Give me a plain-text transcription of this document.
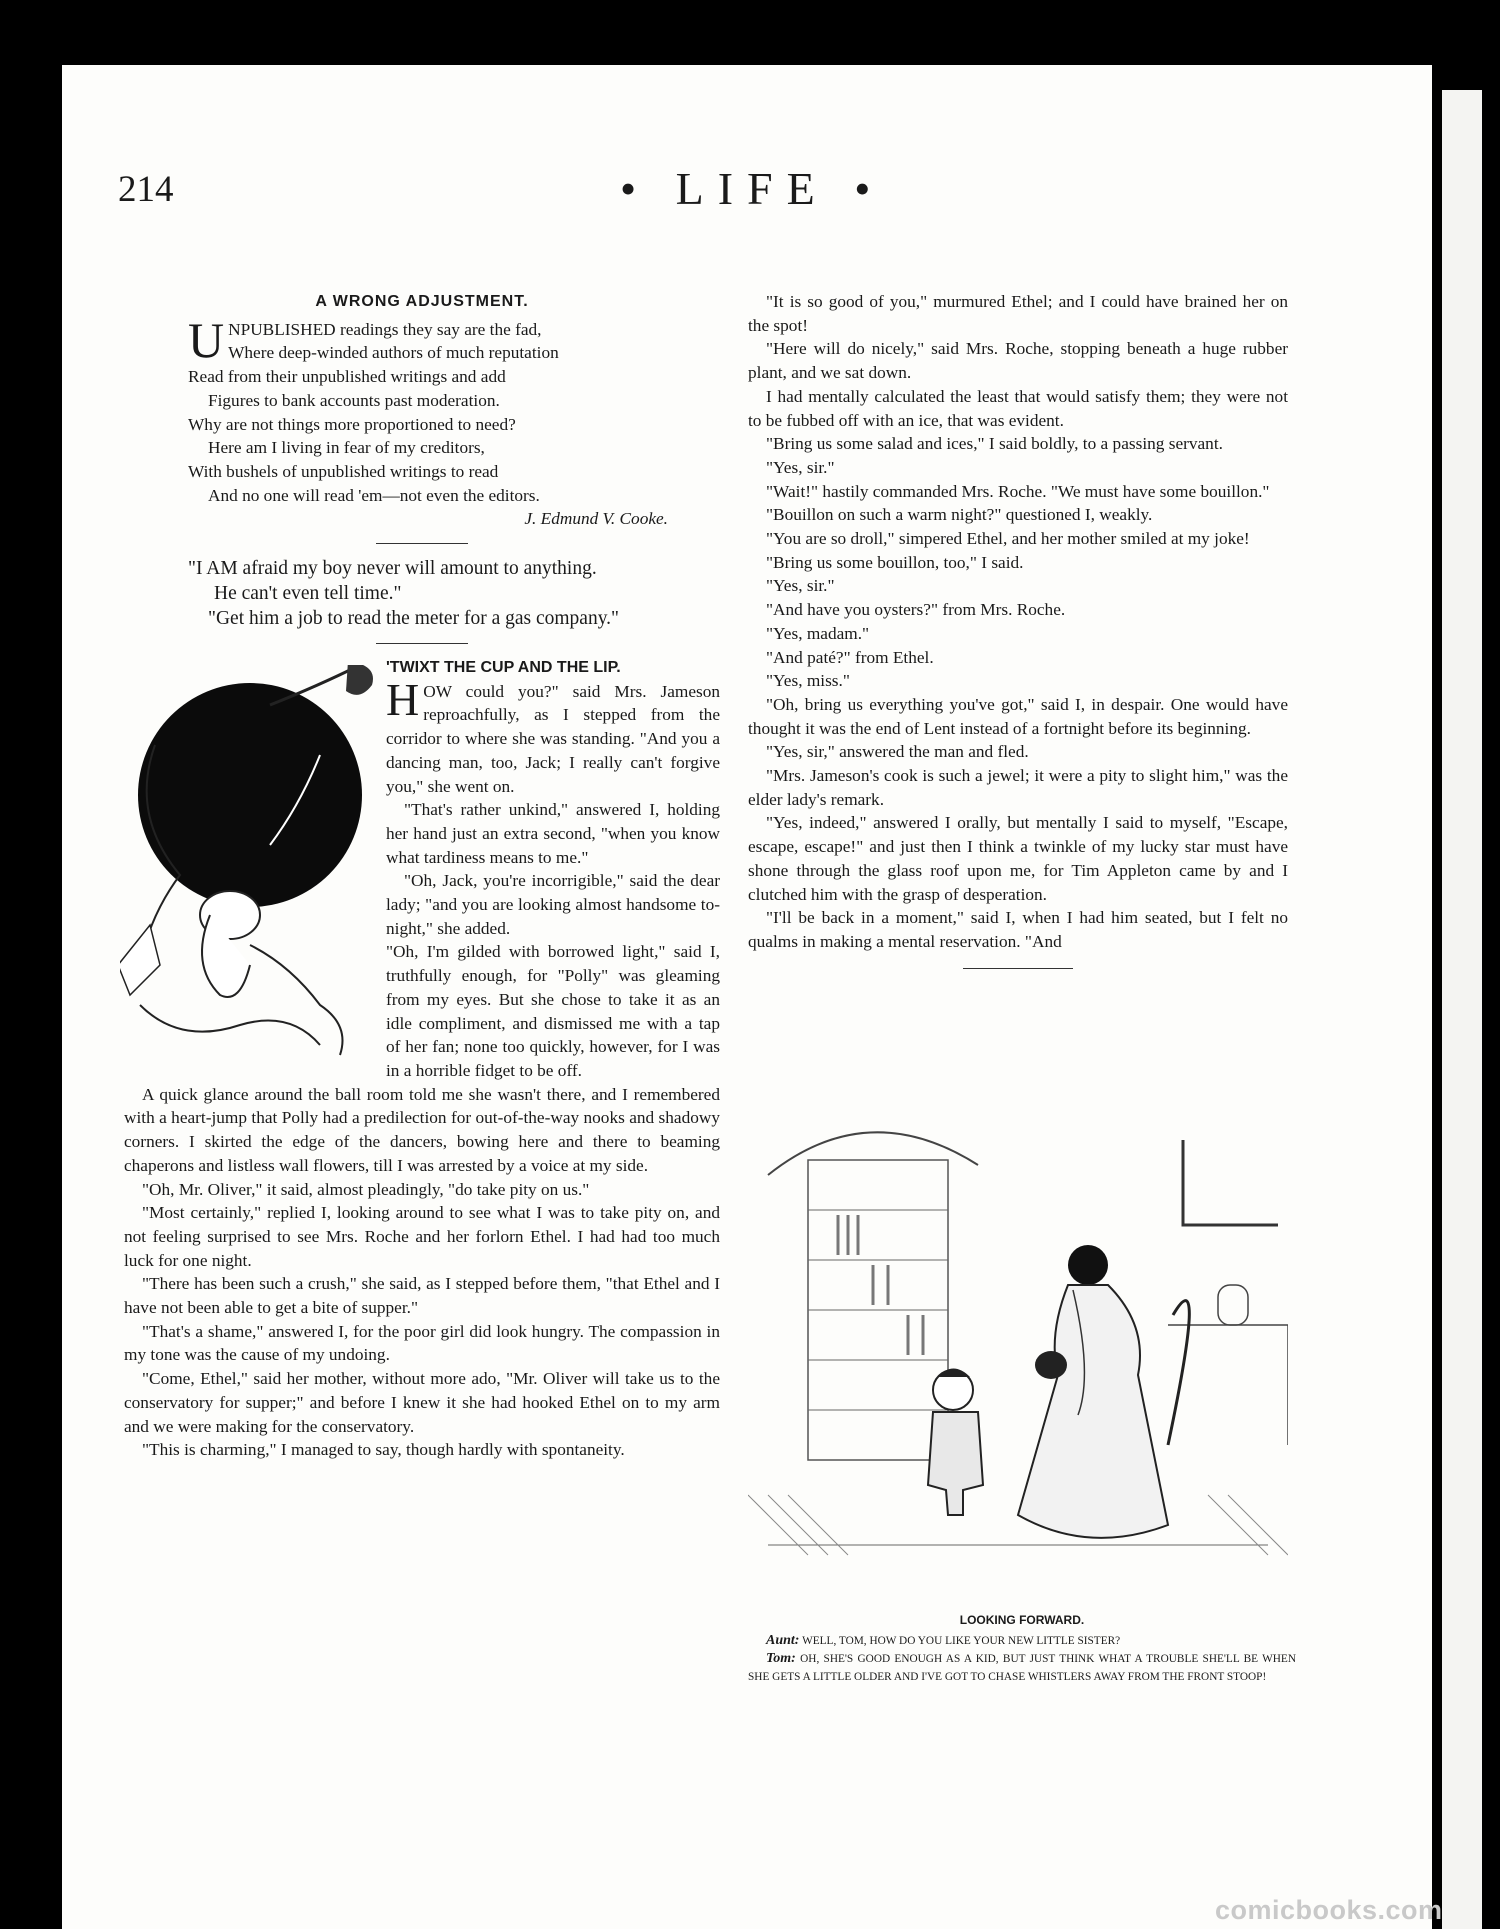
214	• LIFE •
A WRONG ADJUSTMENT.
U NPUBLISHED readings they say are the fad,
Where deep-winded authors of much reputation
Read from their unpublished writings and add
Figures to bank accounts past moderation.
Why are not things more proportioned to need?
Here am I living in fear of my creditors,
With bushels of unpublished writings to read
And no one will read 'em—not even the editors.
J. Edmund V. Cooke.
"I AM afraid my boy never will amount to anything.
He can't even tell time."
"Get him a job to read the meter for a gas company."
'TWIXT THE CUP AND THE LIP.

HOW could you?" said Mrs. Jameson reproachfully, as I stepped from the corridor to where she was standing. "And you a dancing man, too, Jack; I really can't forgive you," she went on.

"That's rather unkind," answered I, holding her hand just an extra second, "when you know what tardiness means to me."

"Oh, Jack, you're incorrigible," said the dear lady; "and you are looking almost handsome to-night," she added.

"Oh, I'm gilded with borrowed light," said I, truthfully enough, for "Polly" was gleaming from my eyes. But she chose to take it as an idle compliment, and dismissed me with a tap of her fan; none too quickly, however, for I was in a horrible fidget to be off.

A quick glance around the ball room told me she wasn't there, and I remembered with a heart-jump that Polly had a predilection for out-of-the-way nooks and shadowy corners. I skirted the edge of the dancers, bowing here and there to beaming chaperons and listless wall flowers, till I was arrested by a voice at my side.

"Oh, Mr. Oliver," it said, almost pleadingly, "do take pity on us."

"Most certainly," replied I, looking around to see what I was to take pity on, and not feeling surprised to see Mrs. Roche and her forlorn Ethel. I had had too much luck for one night.

"There has been such a crush," she said, as I stepped before them, "that Ethel and I have not been able to get a bite of supper."

"That's a shame," answered I, for the poor girl did look hungry. The compassion in my tone was the cause of my undoing.

"Come, Ethel," said her mother, without more ado, "Mr. Oliver will take us to the conservatory for supper;" and before I knew it she had hooked Ethel on to my arm and we were making for the conservatory.

"This is charming," I managed to say, though hardly with spontaneity.

"It is so good of you," murmured Ethel; and I could have brained her on the spot!

"Here will do nicely," said Mrs. Roche, stopping beneath a huge rubber plant, and we sat down.

I had mentally calculated the least that would satisfy them; they were not to be fubbed off with an ice, that was evident.

"Bring us some salad and ices," I said boldly, to a passing servant.

"Yes, sir."

"Wait!" hastily commanded Mrs. Roche. "We must have some bouillon."

"Bouillon on such a warm night?" questioned I, weakly.

"You are so droll," simpered Ethel, and her mother smiled at my joke!

"Bring us some bouillon, too," I said.

"Yes, sir."

"And have you oysters?" from Mrs. Roche.

"Yes, madam."

"And paté?" from Ethel.

"Yes, miss."

"Oh, bring us everything you've got," said I, in despair. One would have thought it was the end of Lent instead of a fortnight before its beginning.

"Yes, sir," answered the man and fled.

"Mrs. Jameson's cook is such a jewel; it were a pity to slight him," was the elder lady's remark.

"Yes, indeed," answered I orally, but mentally I said to myself, "Escape, escape, escape!" and just then I think a twinkle of my lucky star must have shone through the glass roof upon me, for Tim Appleton came by and I clutched him with the grasp of desperation.

"I'll be back in a moment," said I, when I had him seated, but I felt no qualms in making a mental reservation. "And

LOOKING FORWARD.

Aunt: WELL, TOM, HOW DO YOU LIKE YOUR NEW LITTLE SISTER?

Tom: OH, SHE'S GOOD ENOUGH AS A KID, BUT JUST THINK WHAT A TROUBLE SHE'LL BE WHEN SHE GETS A LITTLE OLDER AND I'VE GOT TO CHASE WHISTLERS AWAY FROM THE FRONT STOOP!

comicbooks.com
